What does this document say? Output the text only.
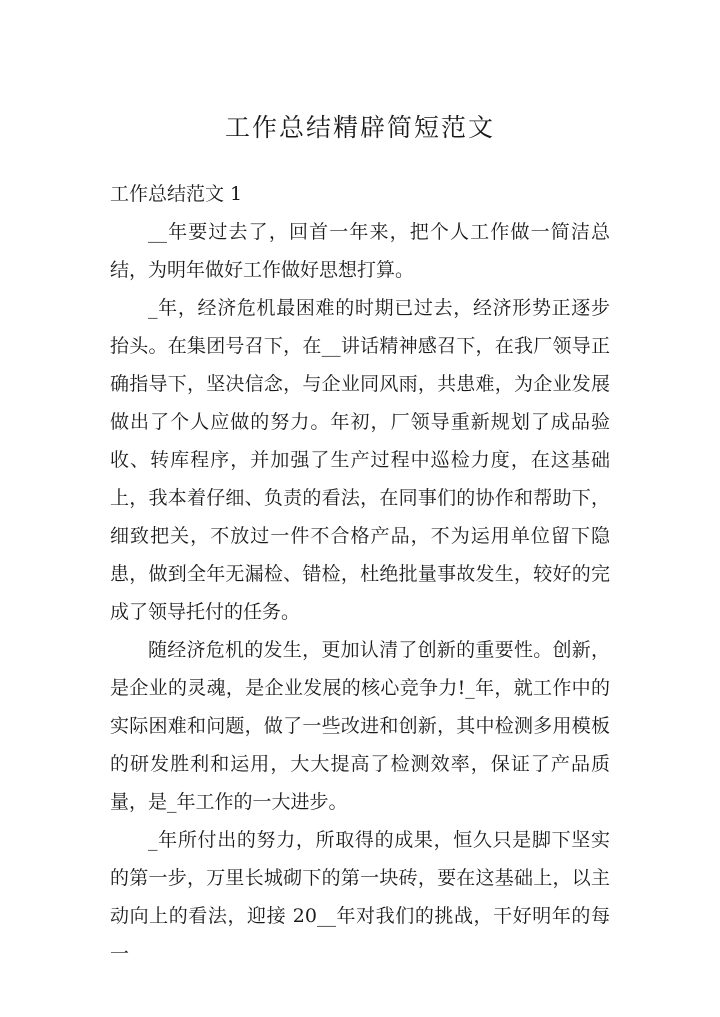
工作总结精辟简短范文

工作总结范文 1

__年要过去了，回首一年来，把个人工作做一简洁总结，为明年做好工作做好思想打算。

_年，经济危机最困难的时期已过去，经济形势正逐步抬头。在集团号召下，在__讲话精神感召下，在我厂领导正确指导下，坚决信念，与企业同风雨，共患难，为企业发展做出了个人应做的努力。年初，厂领导重新规划了成品验收、转库程序，并加强了生产过程中巡检力度，在这基础上，我本着仔细、负责的看法，在同事们的协作和帮助下，细致把关，不放过一件不合格产品，不为运用单位留下隐患，做到全年无漏检、错检，杜绝批量事故发生，较好的完成了领导托付的任务。

随经济危机的发生，更加认清了创新的重要性。创新，是企业的灵魂，是企业发展的核心竞争力!_年，就工作中的实际困难和问题，做了一些改进和创新，其中检测多用模板的研发胜利和运用，大大提高了检测效率，保证了产品质量，是_年工作的一大进步。

_年所付出的努力，所取得的成果，恒久只是脚下坚实的第一步，万里长城砌下的第一块砖，要在这基础上，以主动向上的看法，迎接 20__年对我们的挑战，干好明年的每一
